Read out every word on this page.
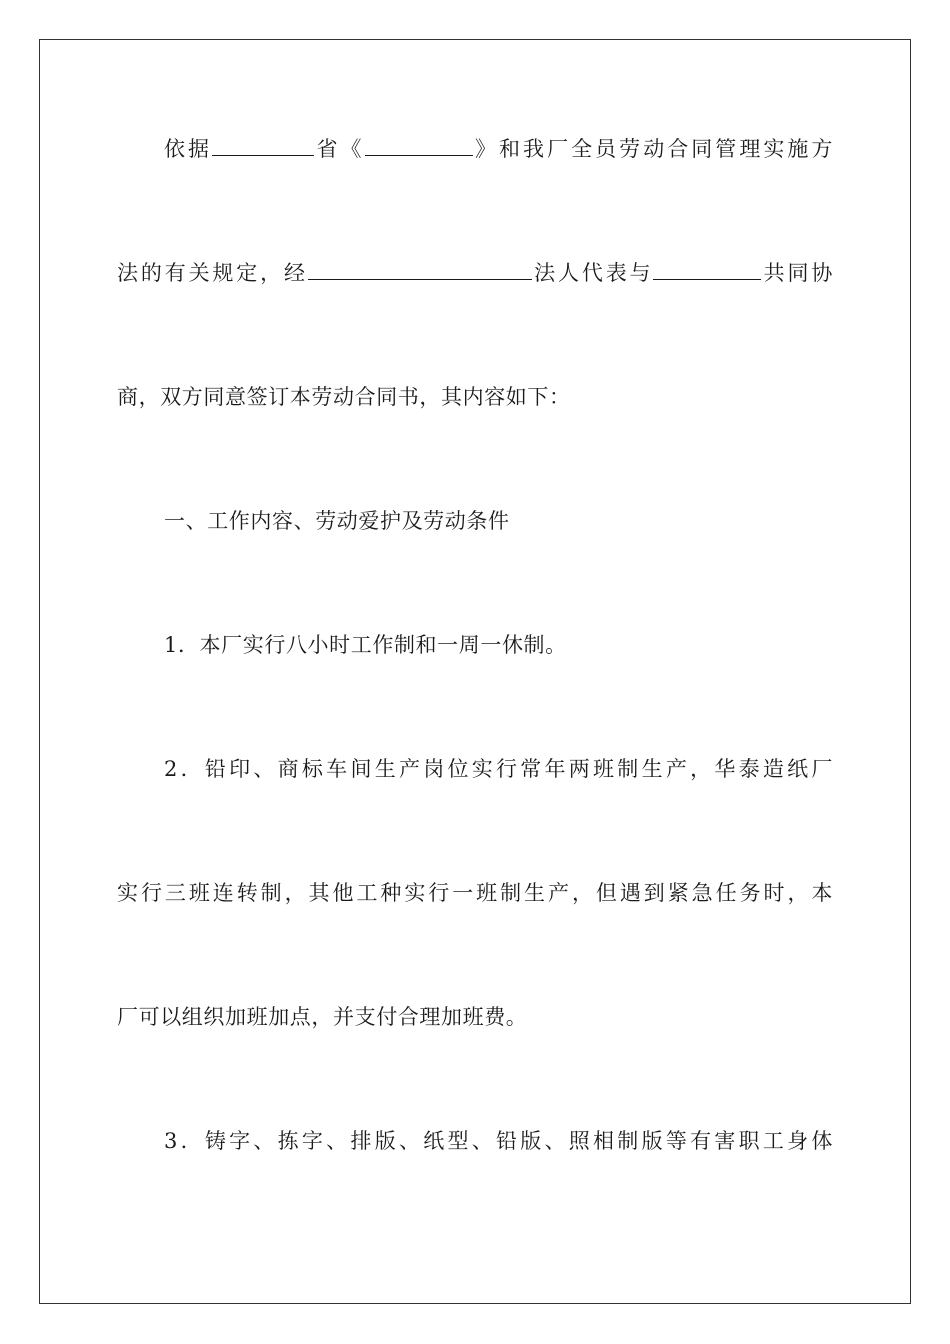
依据	省《	》和我厂全员劳动合同管理实施方
法的有关规定，经	法人代表与	共同协
商，双方同意签订本劳动合同书，其内容如下：
一、工作内容、劳动爱护及劳动条件
1．本厂实行八小时工作制和一周一休制。
2．铅印、商标车间生产岗位实行常年两班制生产，华泰造纸厂
实行三班连转制，其他工种实行一班制生产，但遇到紧急任务时，本
厂可以组织加班加点，并支付合理加班费。
3．铸字、拣字、排版、纸型、铅版、照相制版等有害职工身体
